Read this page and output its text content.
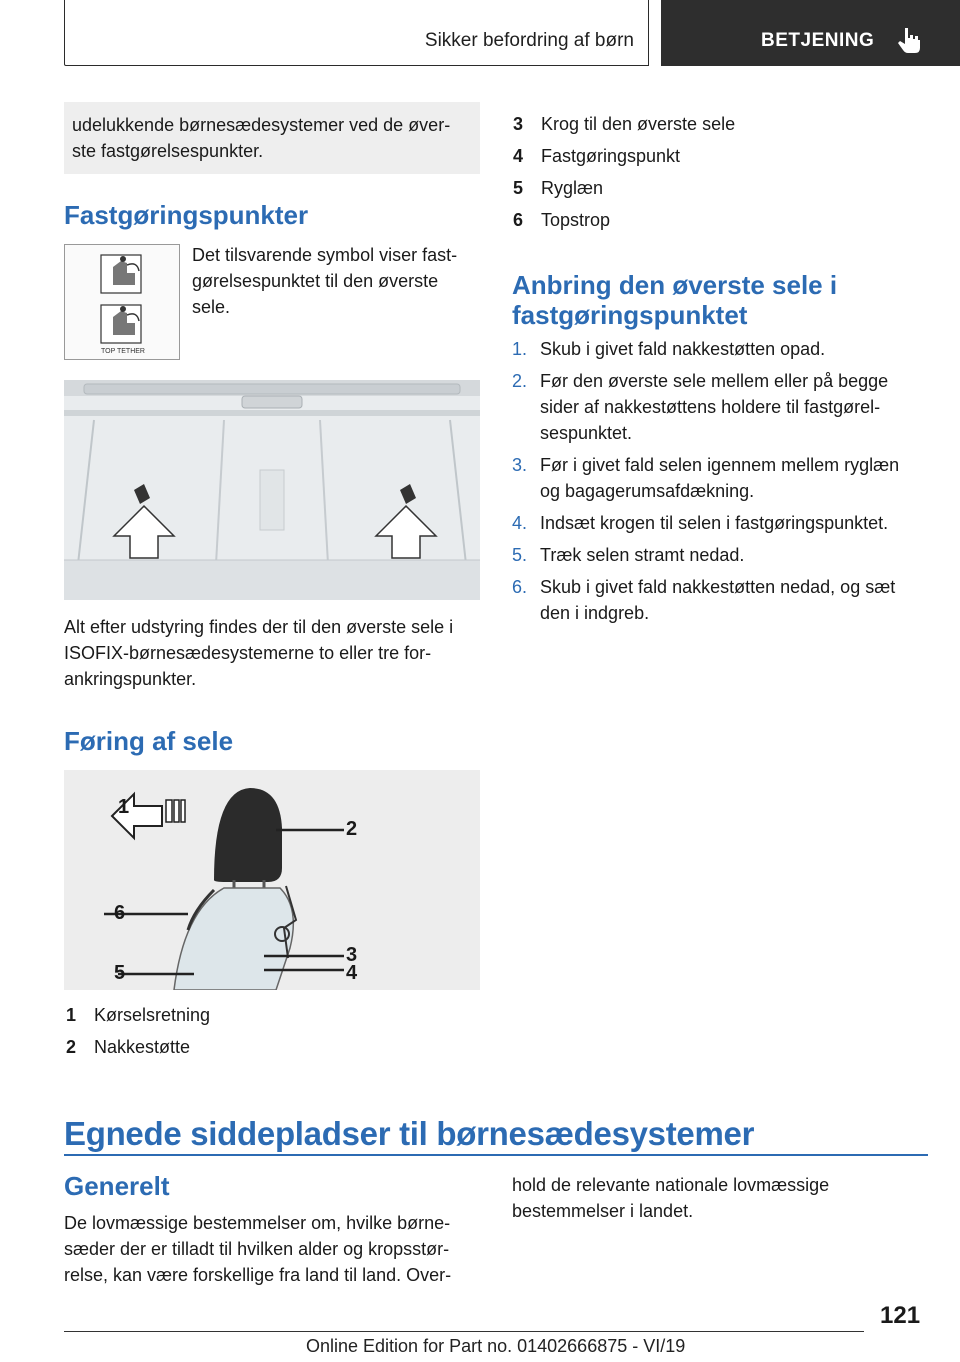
Sikker befordring af børn	BETJENING
udelukkende børnesædesystemer ved de øver-
ste fastgørelsespunkter.
Fastgøringspunkter
TOP TETHER
Det tilsvarende symbol viser fast-
gørelsespunktet til den øverste
sele.
Alt efter udstyring findes der til den øverste sele i
ISOFIX-børnesædesystemerne to eller tre for-
ankringspunkter.
Føring af sele
1
2
3
4
5
6
1 Kørselsretning
2 Nakkestøtte
3 Krog til den øverste sele
4 Fastgøringspunkt
5 Ryglæn
6 Topstrop
Anbring den øverste sele i
fastgøringspunktet
1. Skub i givet fald nakkestøtten opad.
2. Før den øverste sele mellem eller på begge
sider af nakkestøttens holdere til fastgørel-
sespunktet.
3. Før i givet fald selen igennem mellem ryglæn
og bagagerumsafdækning.
4. Indsæt krogen til selen i fastgøringspunktet.
5. Træk selen stramt nedad.
6. Skub i givet fald nakkestøtten nedad, og sæt
den i indgreb.
Egnede siddepladser til børnesædesystemer
Generelt
De lovmæssige bestemmelser om, hvilke børne-
sæder der er tilladt til hvilken alder og kropsstør-
relse, kan være forskellige fra land til land. Over-
hold de relevante nationale lovmæssige
bestemmelser i landet.
121
Online Edition for Part no. 01402666875 - VI/19
